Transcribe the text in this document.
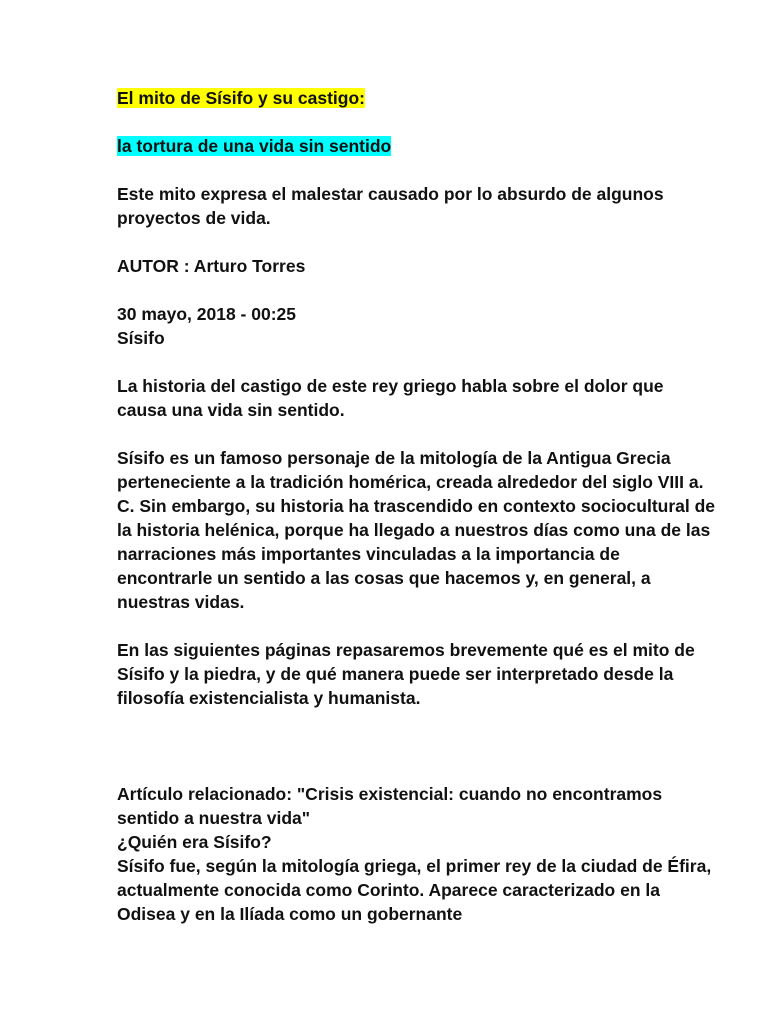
El mito de Sísifo y su castigo:

la tortura de una vida sin sentido

Este mito expresa el malestar causado por lo absurdo de algunos proyectos de vida.

AUTOR : Arturo Torres

30 mayo, 2018 - 00:25

Sísifo

La historia del castigo de este rey griego habla sobre el dolor que causa una vida sin sentido.

Sísifo es un famoso personaje de la mitología de la Antigua Grecia perteneciente a la tradición homérica, creada alrededor del siglo VIII a. C. Sin embargo, su historia ha trascendido en contexto sociocultural de la historia helénica, porque ha llegado a nuestros días como una de las narraciones más importantes vinculadas a la importancia de encontrarle un sentido a las cosas que hacemos y, en general, a nuestras vidas.

En las siguientes páginas repasaremos brevemente qué es el mito de Sísifo y la piedra, y de qué manera puede ser interpretado desde la filosofía existencialista y humanista.

Artículo relacionado: "Crisis existencial: cuando no encontramos sentido a nuestra vida"

¿Quién era Sísifo?

Sísifo fue, según la mitología griega, el primer rey de la ciudad de Éfira, actualmente conocida como Corinto. Aparece caracterizado en la Odisea y en la Ilíada como un gobernante
